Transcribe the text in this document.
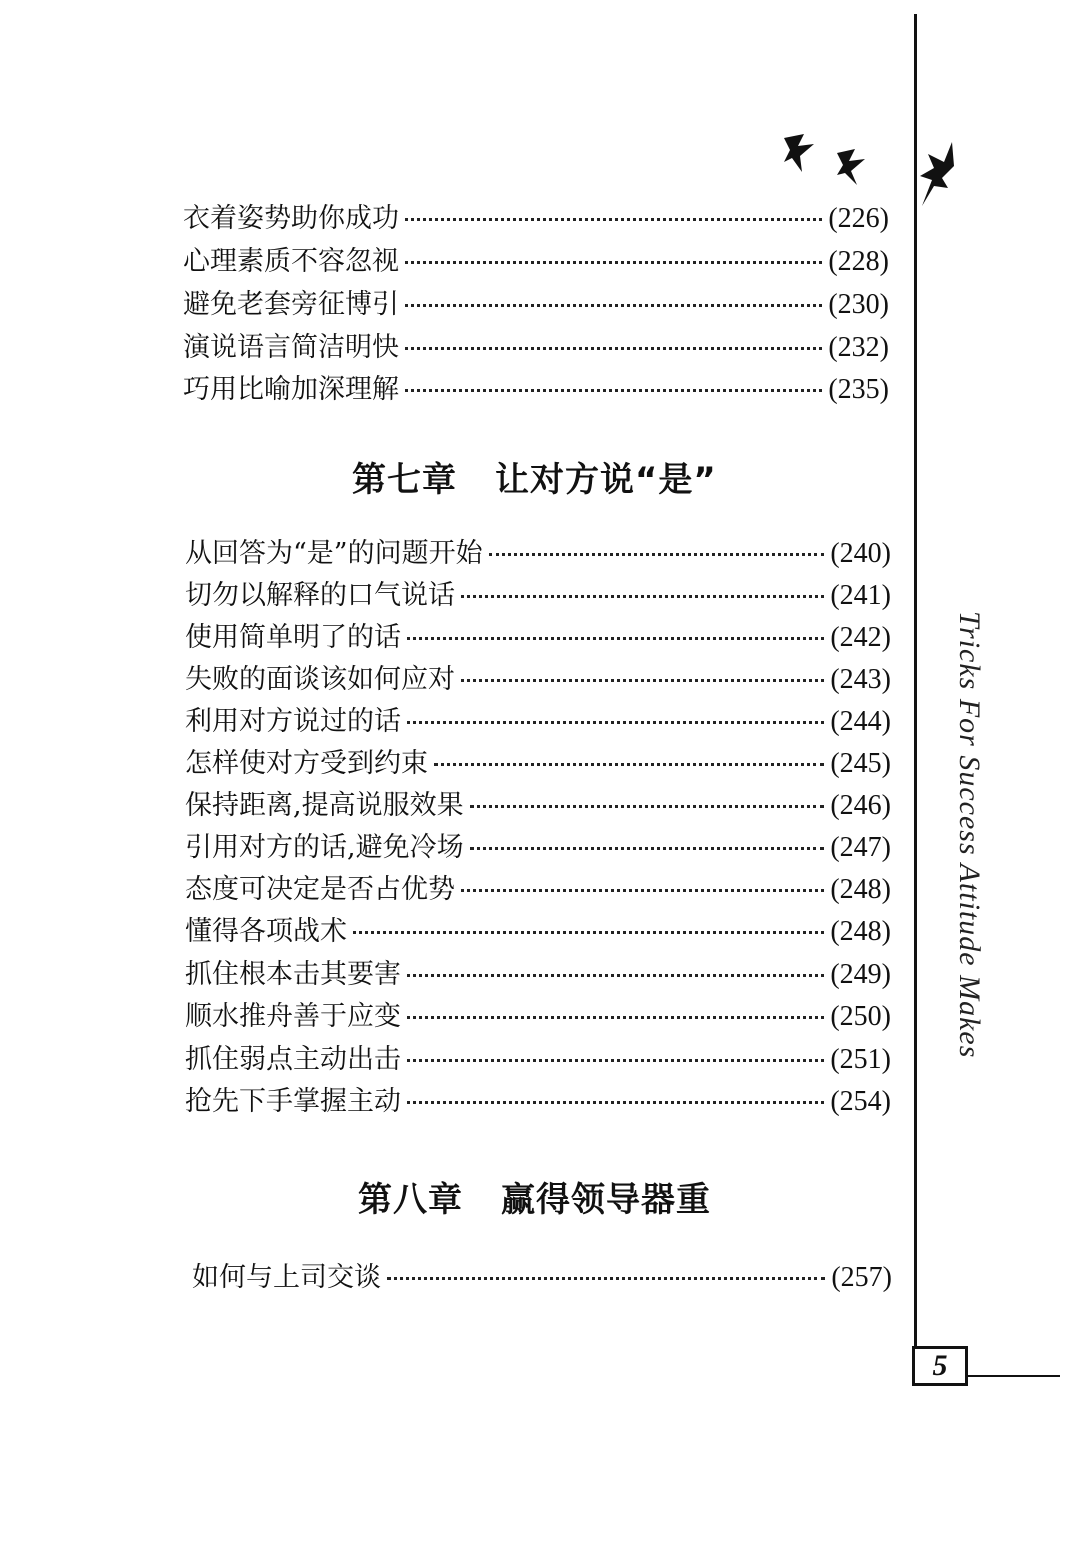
5
Tricks For Success Attitude Makes
衣着姿势助你成功	(226)
心理素质不容忽视	(228)
避免老套旁征博引	(230)
演说语言简洁明快	(232)
巧用比喻加深理解	(235)
第七章 让对方说“是”
从回答为“是”的问题开始	(240)
切勿以解释的口气说话	(241)
使用简单明了的话	(242)
失败的面谈该如何应对	(243)
利用对方说过的话	(244)
怎样使对方受到约束	(245)
保持距离,提高说服效果	(246)
引用对方的话,避免冷场	(247)
态度可决定是否占优势	(248)
懂得各项战术	(248)
抓住根本击其要害	(249)
顺水推舟善于应变	(250)
抓住弱点主动出击	(251)
抢先下手掌握主动	(254)
第八章 赢得领导器重
如何与上司交谈	(257)
